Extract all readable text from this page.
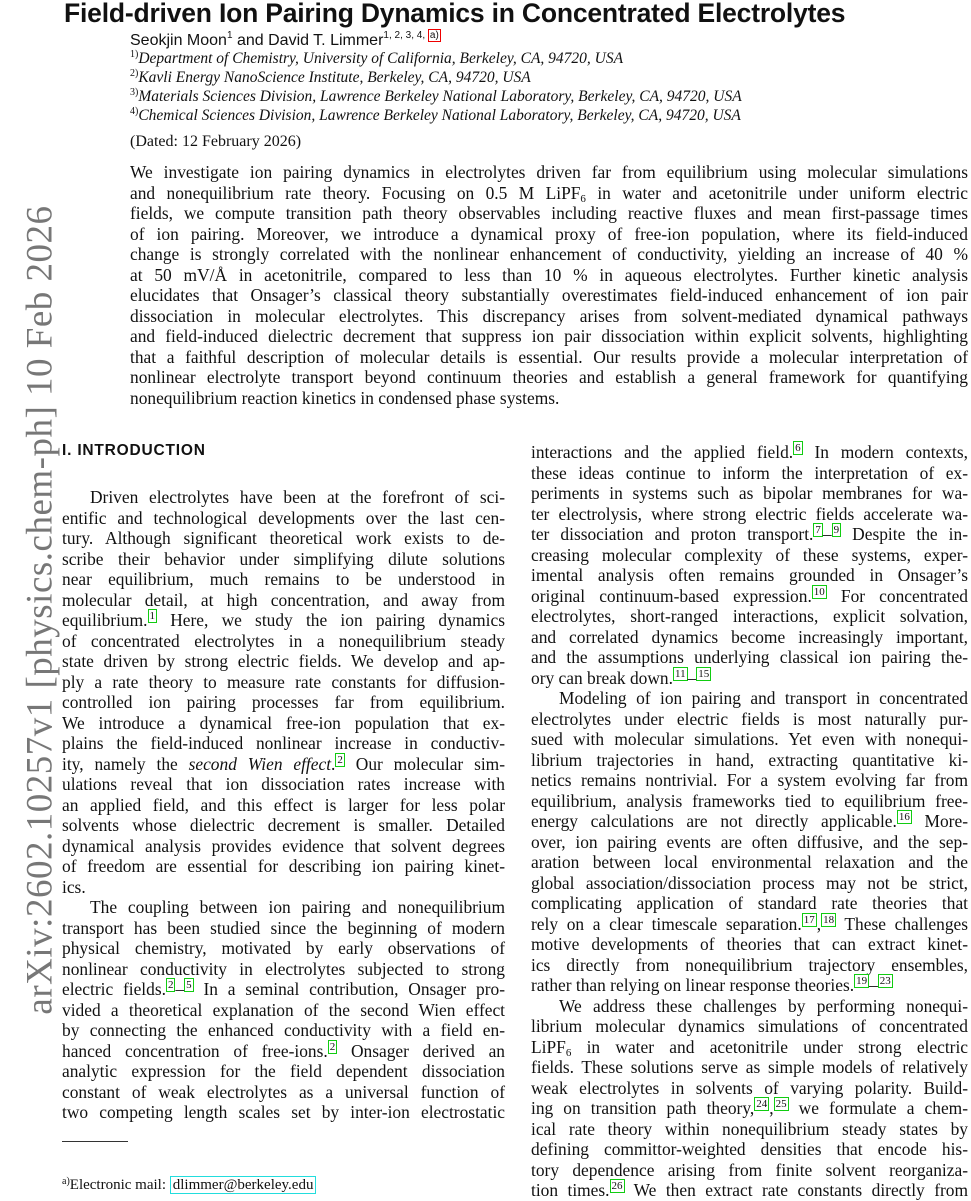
arXiv:2602.10257v1 [physics.chem-ph] 10 Feb 2026
Field-driven Ion Pairing Dynamics in Concentrated Electrolytes
Seokjin Moon$^1$ and David T. Limmer$^{1, 2, 3, 4, a)}$
$^{1)}$Department of Chemistry, University of California, Berkeley, CA, 94720, USA
$^{2)}$Kavli Energy NanoScience Institute, Berkeley, CA, 94720, USA
$^{3)}$Materials Sciences Division, Lawrence Berkeley National Laboratory, Berkeley, CA, 94720, USA
$^{4)}$Chemical Sciences Division, Lawrence Berkeley National Laboratory, Berkeley, CA, 94720, USA
(Dated: 12 February 2026)
We investigate ion pairing dynamics in electrolytes driven far from equilibrium using molecular simulations
and nonequilibrium rate theory. Focusing on 0.5 M LiPF$_6$ in water and acetonitrile under uniform electric
fields, we compute transition path theory observables including reactive fluxes and mean first-passage times
of ion pairing. Moreover, we introduce a dynamical proxy of free-ion population, where its field-induced
change is strongly correlated with the nonlinear enhancement of conductivity, yielding an increase of 40 %
at 50 mV/Å in acetonitrile, compared to less than 10 % in aqueous electrolytes. Further kinetic analysis
elucidates that Onsager’s classical theory substantially overestimates field-induced enhancement of ion pair
dissociation in molecular electrolytes. This discrepancy arises from solvent-mediated dynamical pathways
and field-induced dielectric decrement that suppress ion pair dissociation within explicit solvents, highlighting
that a faithful description of molecular details is essential. Our results provide a molecular interpretation of
nonlinear electrolyte transport beyond continuum theories and establish a general framework for quantifying
nonequilibrium reaction kinetics in condensed phase systems.
I. INTRODUCTION
Driven electrolytes have been at the forefront of sci-
entific and technological developments over the last cen-
tury. Although significant theoretical work exists to de-
scribe their behavior under simplifying dilute solutions
near equilibrium, much remains to be understood in
molecular detail, at high concentration, and away from
equilibrium. $^1$ Here, we study the ion pairing dynamics
of concentrated electrolytes in a nonequilibrium steady
state driven by strong electric fields. We develop and ap-
ply a rate theory to measure rate constants for diffusion-
controlled ion pairing processes far from equilibrium.
We introduce a dynamical free-ion population that ex-
plains the field-induced nonlinear increase in conductiv-
ity, namely the second Wien effect. $^2$ Our molecular sim-
ulations reveal that ion dissociation rates increase with
an applied field, and this effect is larger for less polar
solvents whose dielectric decrement is smaller. Detailed
dynamical analysis provides evidence that solvent degrees
of freedom are essential for describing ion pairing kinet-
ics.
The coupling between ion pairing and nonequilibrium
transport has been studied since the beginning of modern
physical chemistry, motivated by early observations of
nonlinear conductivity in electrolytes subjected to strong
electric fields. $^2$ – $^5$ In a seminal contribution, Onsager pro-
vided a theoretical explanation of the second Wien effect
by connecting the enhanced conductivity with a field en-
hanced concentration of free-ions. $^2$ Onsager derived an
analytic expression for the field dependent dissociation
constant of weak electrolytes as a universal function of
two competing length scales set by inter-ion electrostatic
interactions and the applied field. $^6$ In modern contexts,
these ideas continue to inform the interpretation of ex-
periments in systems such as bipolar membranes for wa-
ter electrolysis, where strong electric fields accelerate wa-
ter dissociation and proton transport. $^7$ – $^9$ Despite the in-
creasing molecular complexity of these systems, exper-
imental analysis often remains grounded in Onsager’s
original continuum-based expression. $^{10}$ For concentrated
electrolytes, short-ranged interactions, explicit solvation,
and correlated dynamics become increasingly important,
and the assumptions underlying classical ion pairing the-
ory can break down. $^{11}$ – $^{15}$
Modeling of ion pairing and transport in concentrated
electrolytes under electric fields is most naturally pur-
sued with molecular simulations. Yet even with nonequi-
librium trajectories in hand, extracting quantitative ki-
netics remains nontrivial. For a system evolving far from
equilibrium, analysis frameworks tied to equilibrium free-
energy calculations are not directly applicable. $^{16}$ More-
over, ion pairing events are often diffusive, and the sep-
aration between local environmental relaxation and the
global association/dissociation process may not be strict,
complicating application of standard rate theories that
rely on a clear timescale separation. $^{17}$ , $^{18}$ These challenges
motive developments of theories that can extract kinet-
ics directly from nonequilibrium trajectory ensembles,
rather than relying on linear response theories. $^{19}$ – $^{23}$
We address these challenges by performing nonequi-
librium molecular dynamics simulations of concentrated
LiPF$_6$ in water and acetonitrile under strong electric
fields. These solutions serve as simple models of relatively
weak electrolytes in solvents of varying polarity. Build-
ing on transition path theory, $^{24}$ , $^{25}$ we formulate a chem-
ical rate theory within nonequilibrium steady states by
defining committor-weighted densities that encode his-
tory dependence arising from finite solvent reorganiza-
tion times. $^{26}$ We then extract rate constants directly from
$^{a)}$Electronic mail: dlimmer@berkeley.edu
